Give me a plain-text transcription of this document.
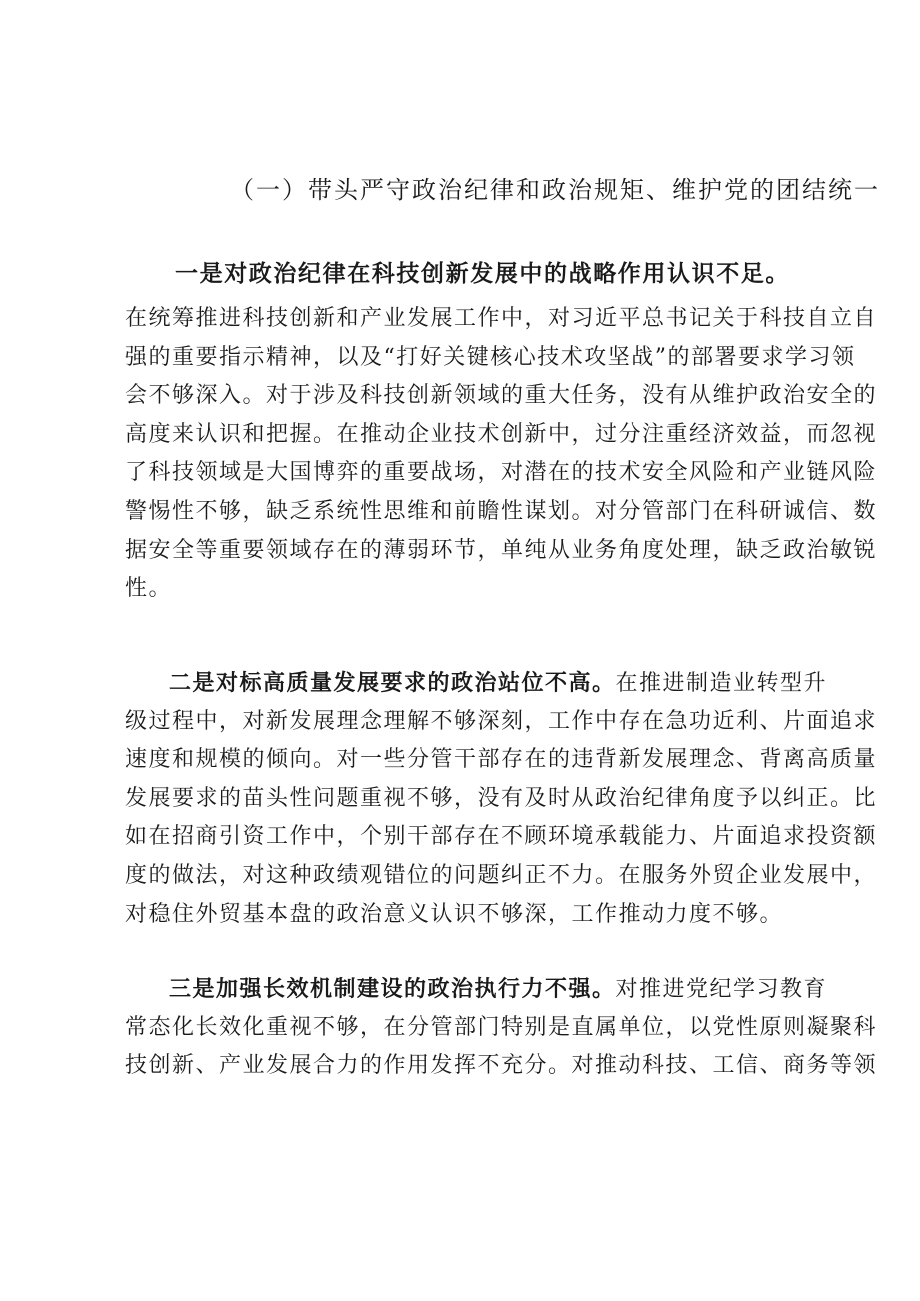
（一）带头严守政治纪律和政治规矩、维护党的团结统一
一是对政治纪律在科技创新发展中的战略作用认识不足。
在统筹推进科技创新和产业发展工作中，对习近平总书记关于科技自立自
强的重要指示精神，以及“打好关键核心技术攻坚战”的部署要求学习领
会不够深入。对于涉及科技创新领域的重大任务，没有从维护政治安全的
高度来认识和把握。在推动企业技术创新中，过分注重经济效益，而忽视
了科技领域是大国博弈的重要战场，对潜在的技术安全风险和产业链风险
警惕性不够，缺乏系统性思维和前瞻性谋划。对分管部门在科研诚信、数
据安全等重要领域存在的薄弱环节，单纯从业务角度处理，缺乏政治敏锐
性。
二是对标高质量发展要求的政治站位不高。在推进制造业转型升
级过程中，对新发展理念理解不够深刻，工作中存在急功近利、片面追求
速度和规模的倾向。对一些分管干部存在的违背新发展理念、背离高质量
发展要求的苗头性问题重视不够，没有及时从政治纪律角度予以纠正。比
如在招商引资工作中，个别干部存在不顾环境承载能力、片面追求投资额
度的做法，对这种政绩观错位的问题纠正不力。在服务外贸企业发展中，
对稳住外贸基本盘的政治意义认识不够深，工作推动力度不够。
三是加强长效机制建设的政治执行力不强。对推进党纪学习教育
常态化长效化重视不够，在分管部门特别是直属单位，以党性原则凝聚科
技创新、产业发展合力的作用发挥不充分。对推动科技、工信、商务等领
